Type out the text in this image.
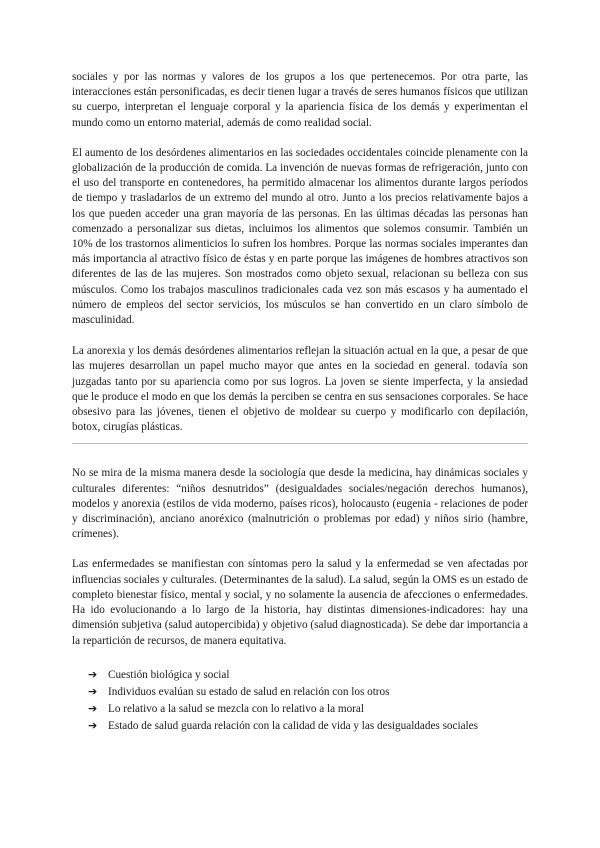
sociales y por las normas y valores de los grupos a los que pertenecemos. Por otra parte, las interacciones están personificadas, es decir tienen lugar a través de seres humanos físicos que utilizan su cuerpo, interpretan el lenguaje corporal y la apariencia física de los demás y experimentan el mundo como un entorno material, además de como realidad social.

El aumento de los desórdenes alimentarios en las sociedades occidentales coincide plenamente con la globalización de la producción de comida. La invención de nuevas formas de refrigeración, junto con el uso del transporte en contenedores, ha permitido almacenar los alimentos durante largos períodos de tiempo y trasladarlos de un extremo del mundo al otro. Junto a los precios relativamente bajos a los que pueden acceder una gran mayoría de las personas. En las últimas décadas las personas han comenzado a personalizar sus dietas, incluimos los alimentos que solemos consumir. También un 10% de los trastornos alimenticios lo sufren los hombres. Porque las normas sociales imperantes dan más importancia al atractivo físico de éstas y en parte porque las imágenes de hombres atractivos son diferentes de las de las mujeres. Son mostrados como objeto sexual, relacionan su belleza con sus músculos. Como los trabajos masculinos tradicionales cada vez son más escasos y ha aumentado el número de empleos del sector servicios, los músculos se han convertido en un claro símbolo de masculinidad.

La anorexia y los demás desórdenes alimentarios reflejan la situación actual en la que, a pesar de que las mujeres desarrollan un papel mucho mayor que antes en la sociedad en general. todavía son juzgadas tanto por su apariencia como por sus logros. La joven se siente imperfecta, y la ansiedad que le produce el modo en que los demás la perciben se centra en sus sensaciones corporales. Se hace obsesivo para las jóvenes, tienen el objetivo de moldear su cuerpo y modificarlo con depilación, botox, cirugías plásticas.

No se mira de la misma manera desde la sociología que desde la medicina, hay dinámicas sociales y culturales diferentes: “niños desnutridos” (desigualdades sociales/negación derechos humanos), modelos y anorexia (estilos de vida moderno, países ricos), holocausto (eugenia - relaciones de poder y discriminación), anciano anoréxico (malnutrición o problemas por edad) y niños sirio (hambre, crímenes).

Las enfermedades se manifiestan con síntomas pero la salud y la enfermedad se ven afectadas por influencias sociales y culturales. (Determinantes de la salud). La salud, según la OMS es un estado de completo bienestar físico, mental y social, y no solamente la ausencia de afecciones o enfermedades. Ha ido evolucionando a lo largo de la historia, hay distintas dimensiones-indicadores: hay una dimensión subjetiva (salud autopercibida) y objetivo (salud diagnosticada). Se debe dar importancia a la repartición de recursos, de manera equitativa.

➔ Cuestión biológica y social
➔ Individuos evalúan su estado de salud en relación con los otros
➔ Lo relativo a la salud se mezcla con lo relativo a la moral
➔ Estado de salud guarda relación con la calidad de vida y las desigualdades sociales
